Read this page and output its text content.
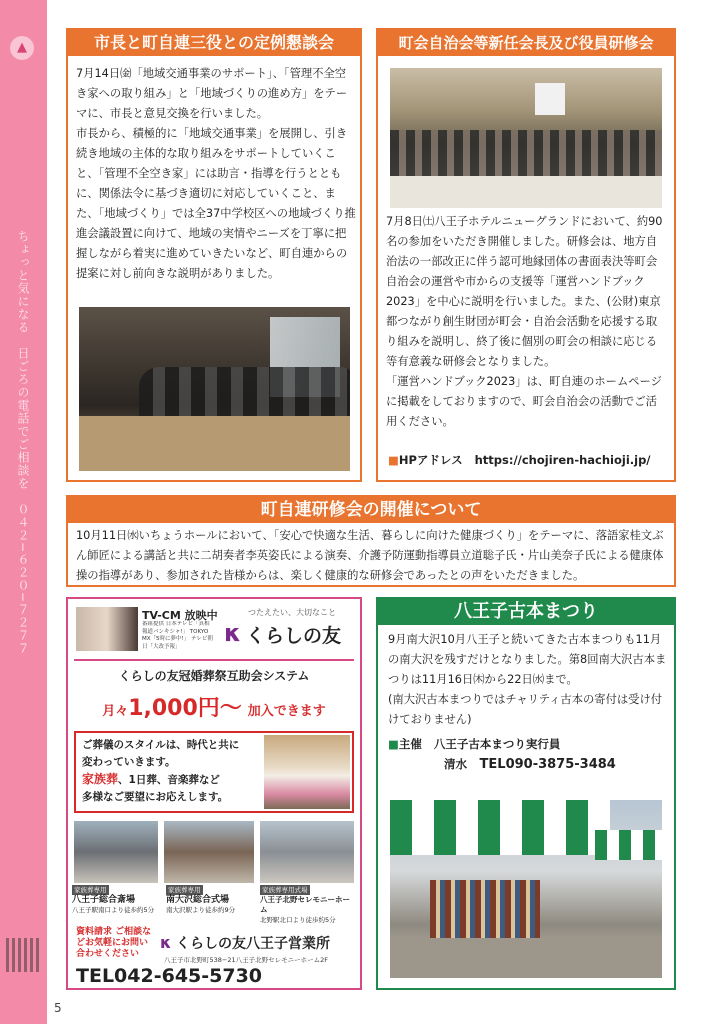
▲
ちょっと気になる　日ごろの電話でご相談を　０４２−６２０−７２７７
市長と町自連三役との定例懇談会
7月14日㈮「地域交通事業のサポート」、「管理不全空き家への取り組み」と「地域づくりの進め方」をテーマに、市長と意見交換を行いました。
市長から、積極的に「地域交通事業」を展開し、引き続き地域の主体的な取り組みをサポートしていくこと、「管理不全空き家」には助言・指導を行うとともに、関係法令に基づき適切に対応していくこと、また、「地域づくり」では全37中学校区への地域づくり推進会議設置に向けて、地域の実情やニーズを丁寧に把握しながら着実に進めていきたいなど、町自連からの提案に対し前向きな説明がありました。
町会自治会等新任会長及び役員研修会
7月8日㈯八王子ホテルニューグランドにおいて、約90名の参加をいただき開催しました。研修会は、地方自治法の一部改正に伴う認可地縁団体の書面表決等町会自治会の運営や市からの支援等「運営ハンドブック2023」を中心に説明を行いました。また、(公財)東京都つながり創生財団が町会・自治会活動を応援する取り組みを説明し、終了後に個別の町会の相談に応じる等有意義な研修会となりました。
「運営ハンドブック2023」は、町自連のホームページに掲載をしておりますので、町会自治会の活動でご活用ください。
■HPアドレス https://chojiren-hachioji.jp/
町自連研修会の開催について
10月11日㈬いちょうホールにおいて、「安心で快適な生活、暮らしに向けた健康づくり」をテーマに、落語家桂文ぶん師匠による講話と共に二胡奏者李英姿氏による演奏、介護予防運動指導員立道聡子氏・片山美奈子氏による健康体操の指導があり、参加された皆様からは、楽しく健康的な研修会であったとの声をいただきました。
TV-CM 放映中
番組提供 日本テレビ「真相報道バンキシャ!」 TOKYO MX「5時に夢中!」 テレビ朝日「大改予報」
つたえたい、大切なこと
κ くらしの友
くらしの友冠婚葬祭互助会システム
月々1,000円〜 加入できます
ご葬儀のスタイルは、時代と共に
変わっていきます。
家族葬、1日葬、音楽葬など
多様なご要望にお応えします。
家族葬専用
八王子総合斎場
八王子駅南口より徒歩約5分
家族葬専用
南大沢総合式場
南大沢駅より徒歩約9分
家族葬専用式場
八王子北野セレモニーホーム
北野駅北口より徒歩約5分
資料請求 ご相談などお気軽にお問い合わせください
κ くらしの友八王子営業所
八王子市北野町538−21八王子北野セレモニーホーム2F
TEL042-645-5730
八王子古本まつり
9月南大沢10月八王子と続いてきた古本まつりも11月の南大沢を残すだけとなりました。第8回南大沢古本まつりは11月16日㈭から22日㈬まで。
(南大沢古本まつりではチャリティ古本の寄付は受け付けておりません)
■主催 八王子古本まつり実行員
清水 TEL090-3875-3484
5
